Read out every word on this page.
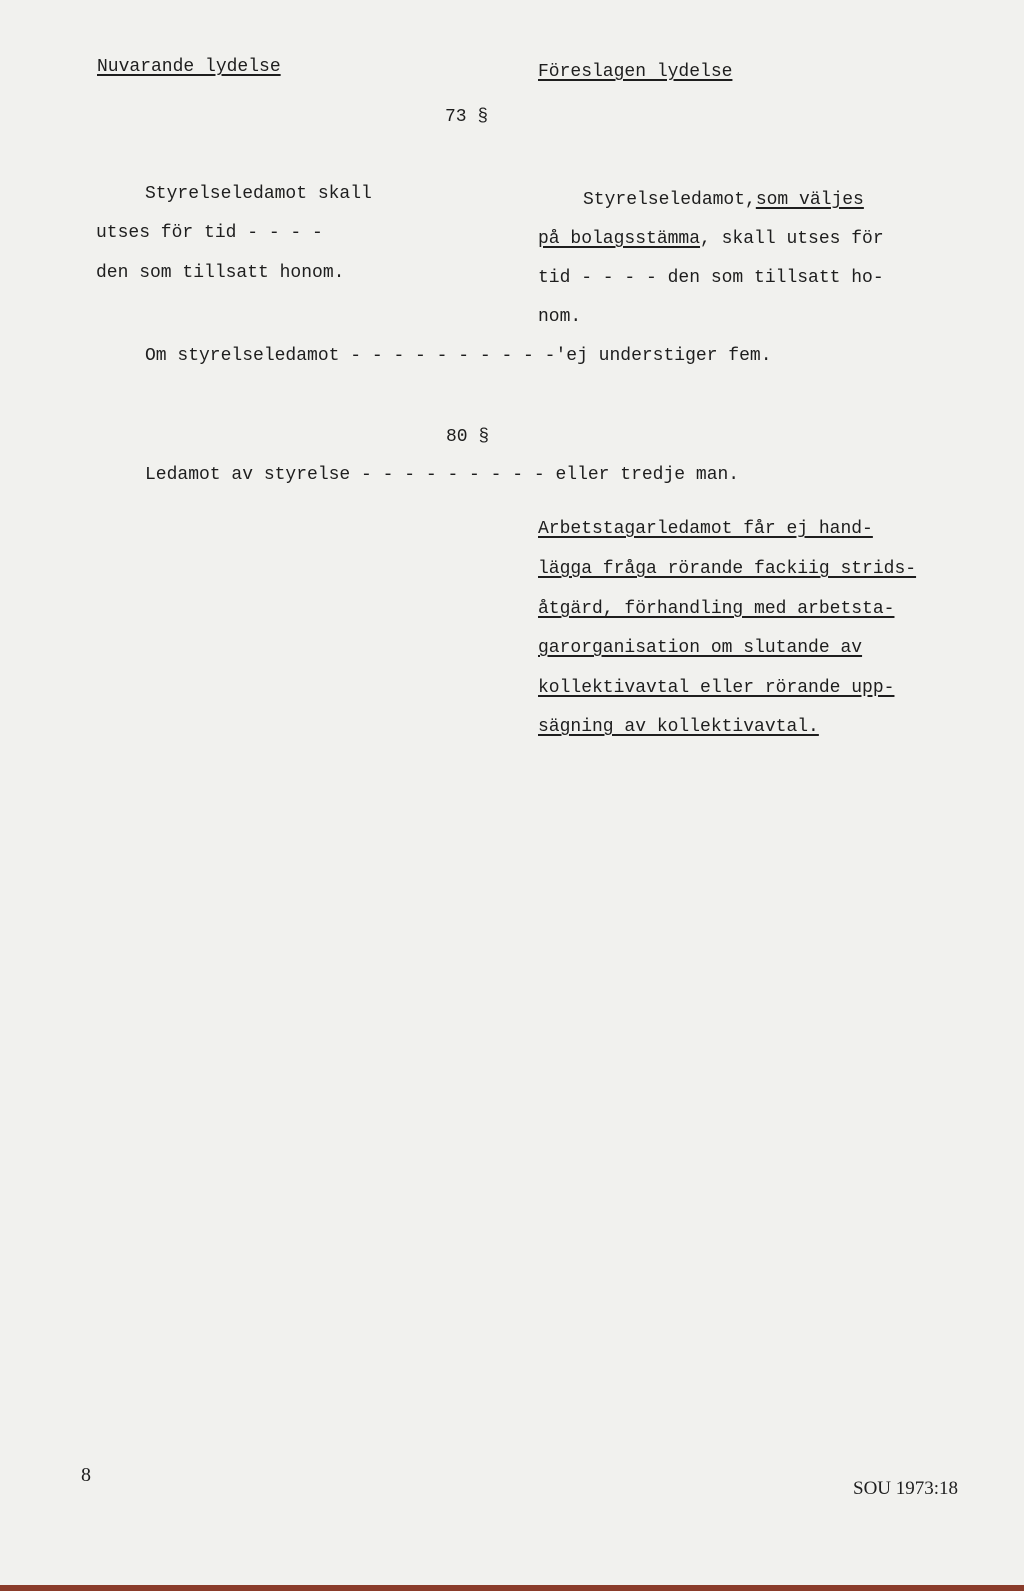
Nuvarande lydelse	Föreslagen lydelse
73 §
Styrelseledamot skall
utses för tid - - - -
den som tillsatt honom.
Styrelseledamot,som väljes
på bolagsstämma, skall utses för
tid - - - - den som tillsatt ho-
nom.
Om styrelseledamot - - - - - - - - - -'ej understiger fem.
80 §
Ledamot av styrelse - - - - - - - - - eller tredje man.
Arbetstagarledamot får ej hand-
lägga fråga rörande fackiig strids-
åtgärd, förhandling med arbetsta-
garorganisation om slutande av
kollektivavtal eller rörande upp-
sägning av kollektivavtal.
8
SOU 1973:18
